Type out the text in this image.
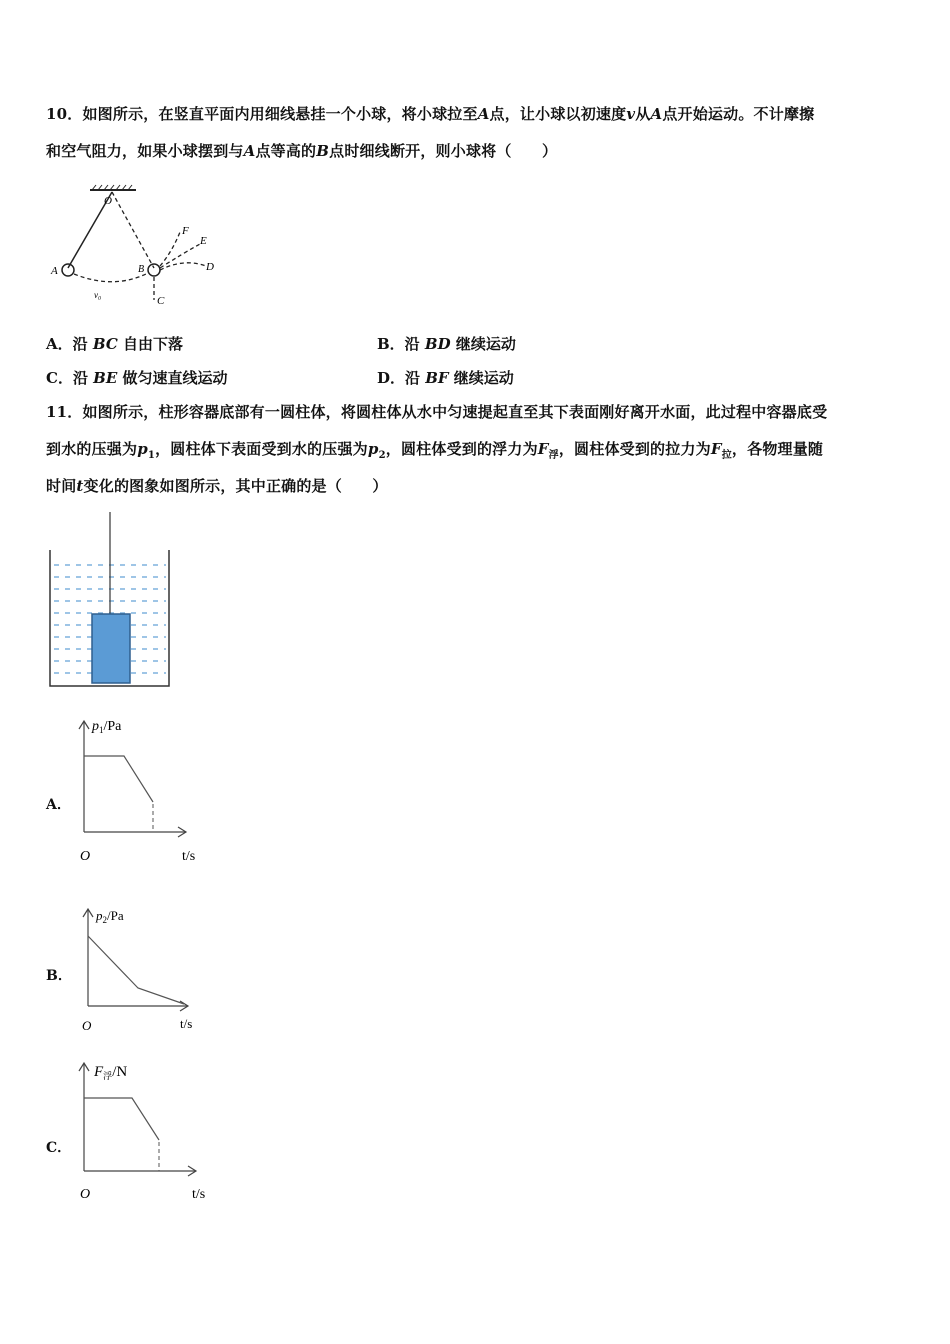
10．如图所示，在竖直平面内用细线悬挂一个小球，将小球拉至A点，让小球以初速度v从A点开始运动。不计摩擦
和空气阻力，如果小球摆到与A点等高的B点时细线断开，则小球将（　　）
O
A	B
C
D
E
F
v₀
A．沿 BC 自由下落	B．沿 BD 继续运动
C．沿 BE 做匀速直线运动	D．沿 BF 继续运动
11．如图所示，柱形容器底部有一圆柱体，将圆柱体从水中匀速提起直至其下表面刚好离开水面，此过程中容器底受
到水的压强为$p_1$，圆柱体下表面受到水的压强为$p_2$，圆柱体受到的浮力为$F_浮$，圆柱体受到的拉力为$F_拉$，各物理量随
时间t变化的图象如图所示，其中正确的是（　　）
A．
$p_1/Pa$
O	t/s
B．
$p_2/Pa$
O	t/s
C．
$F_浮/N$
O	t/s
